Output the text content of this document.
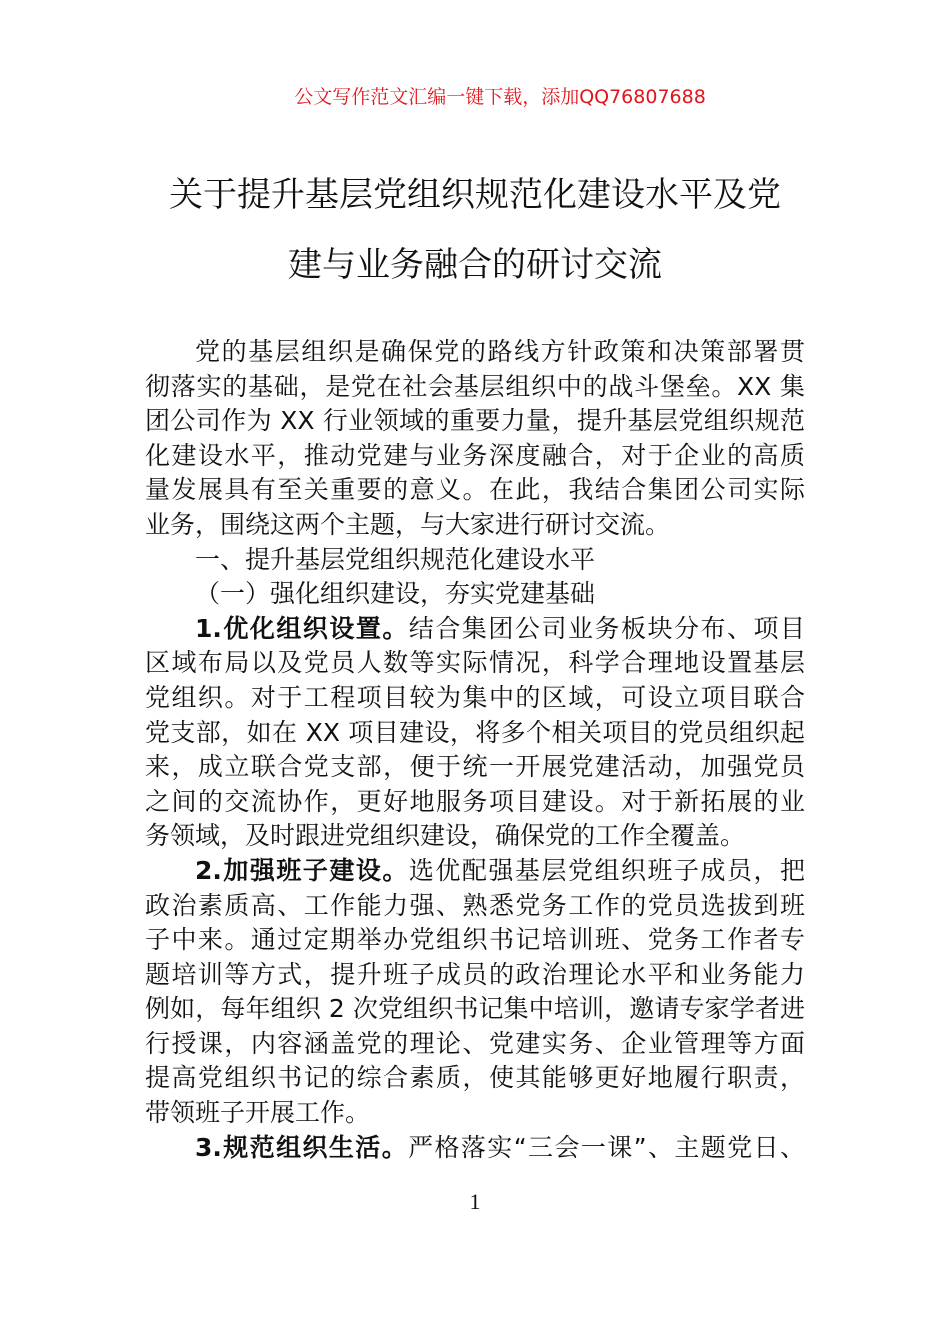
公文写作范文汇编一键下载，添加QQ76807688
关于提升基层党组织规范化建设水平及党
建与业务融合的研讨交流
党的基层组织是确保党的路线方针政策和决策部署贯
彻落实的基础，是党在社会基层组织中的战斗堡垒。XX 集
团公司作为 XX 行业领域的重要力量，提升基层党组织规范
化建设水平，推动党建与业务深度融合，对于企业的高质
量发展具有至关重要的意义。在此，我结合集团公司实际
业务，围绕这两个主题，与大家进行研讨交流。
一、提升基层党组织规范化建设水平
（一）强化组织建设，夯实党建基础
1.优化组织设置。结合集团公司业务板块分布、项目
区域布局以及党员人数等实际情况，科学合理地设置基层
党组织。对于工程项目较为集中的区域，可设立项目联合
党支部，如在 XX 项目建设，将多个相关项目的党员组织起
来，成立联合党支部，便于统一开展党建活动，加强党员
之间的交流协作，更好地服务项目建设。对于新拓展的业
务领域，及时跟进党组织建设，确保党的工作全覆盖。
2.加强班子建设。选优配强基层党组织班子成员，把
政治素质高、工作能力强、熟悉党务工作的党员选拔到班
子中来。通过定期举办党组织书记培训班、党务工作者专
题培训等方式，提升班子成员的政治理论水平和业务能力
例如，每年组织 2 次党组织书记集中培训，邀请专家学者进
行授课，内容涵盖党的理论、党建实务、企业管理等方面
提高党组织书记的综合素质，使其能够更好地履行职责，
带领班子开展工作。
3.规范组织生活。严格落实“三会一课”、主题党日、
1
